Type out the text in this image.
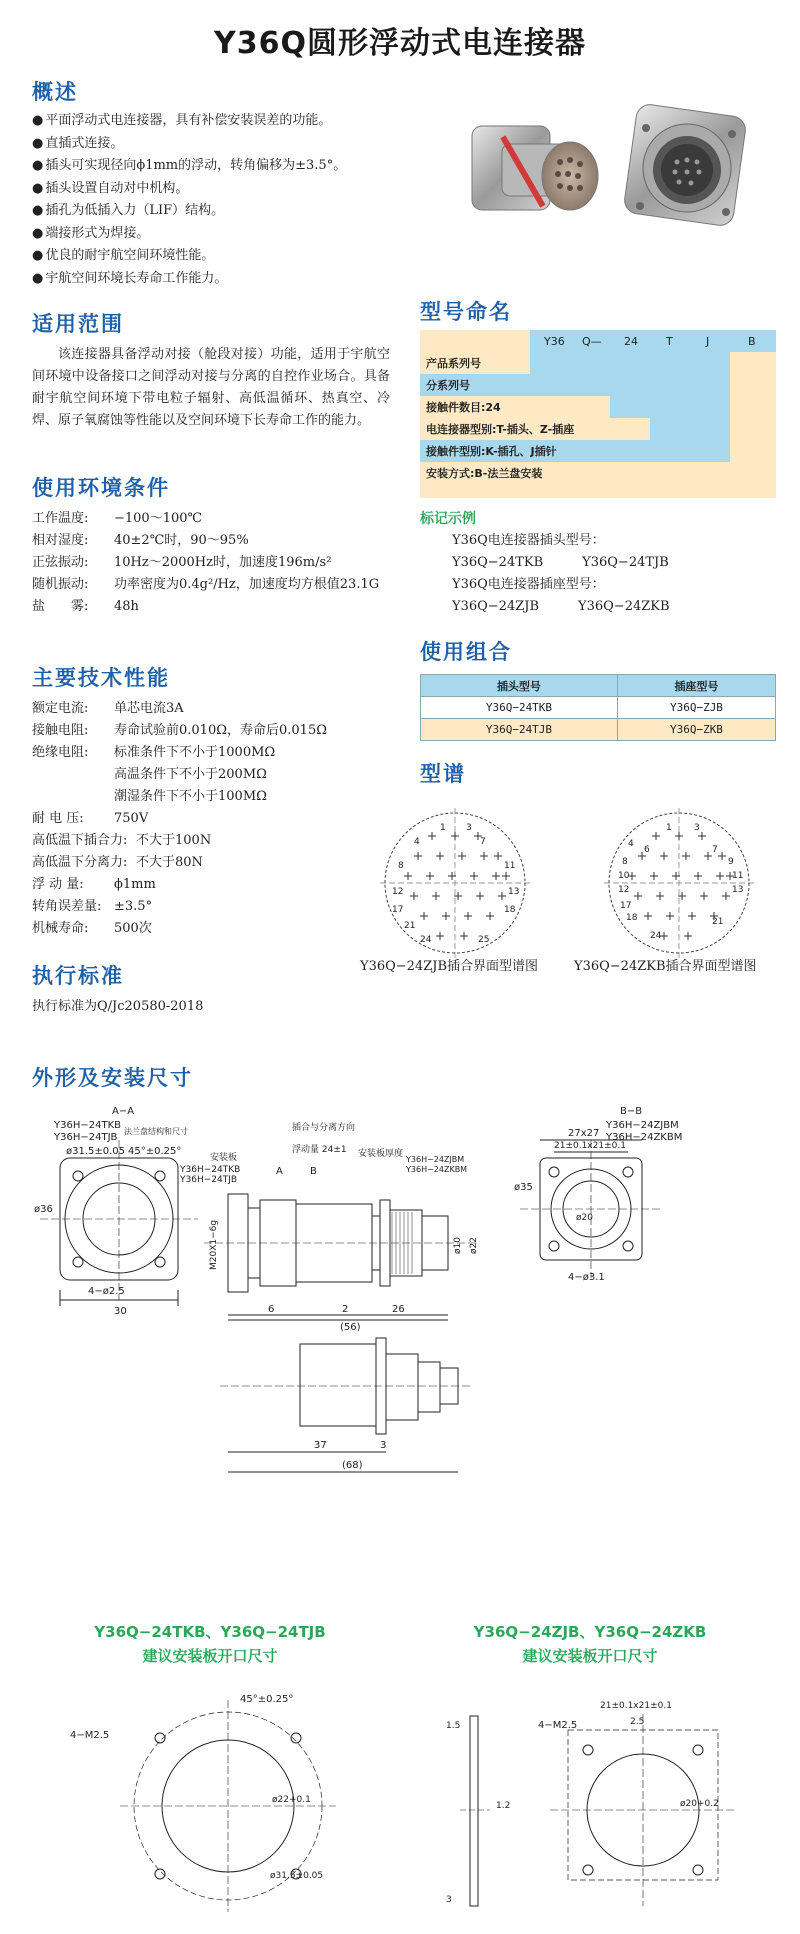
Y36Q圆形浮动式电连接器
概述
● 平面浮动式电连接器，具有补偿安装误差的功能。
● 直插式连接。
● 插头可实现径向ϕ1mm的浮动，转角偏移为±3.5°。
● 插头设置自动对中机构。
● 插孔为低插入力（LIF）结构。
● 端接形式为焊接。
● 优良的耐宇航空间环境性能。
● 宇航空间环境长寿命工作能力。
适用范围
该连接器具备浮动对接（舱段对接）功能，适用于宇航空间环境中设备接口之间浮动对接与分离的自控作业场合。具备耐宇航空间环境下带电粒子辐射、高低温循环、热真空、冷焊、原子氧腐蚀等性能以及空间环境下长寿命工作的能力。
使用环境条件
工作温度:	−100～100℃
相对湿度:	40±2℃时，90～95%
正弦振动:	10Hz～2000Hz时，加速度196m/s²
随机振动:	功率密度为0.4g²/Hz，加速度均方根值23.1G
盐　　雾:	48h
主要技术性能
额定电流:	单芯电流3A
接触电阻:	寿命试验前0.010Ω，寿命后0.015Ω
绝缘电阻:	标准条件下不小于1000MΩ
高温条件下不小于200MΩ
潮湿条件下不小于100MΩ
耐 电 压:	750V
高低温下插合力: 不大于100N
高低温下分离力: 不大于80N
浮 动 量:	ϕ1mm
转角误差量: ±3.5°
机械寿命:	500次
执行标准
执行标准为Q/Jc20580-2018
型号命名
Y36 Q— 24	T	J	B
产品系列号
分系列号
接触件数目:24
电连接器型别:T-插头、Z-插座
接触件型别:K-插孔、J插针
安装方式:B-法兰盘安装
标记示例
Y36Q电连接器插头型号：
Y36Q−24TKB　　　Y36Q−24TJB
Y36Q电连接器插座型号：
Y36Q−24ZJB　　　Y36Q−24ZKB
使用组合
插头型号	插座型号
Y36Q−24TKB	Y36Q−ZJB
Y36Q−24TJB	Y36Q−ZKB
型谱
1 3
4	7
8	11
12
17	18
21
24
13
25
1 3
4
6	7
8	9
10	11
12	13
17
18	21
24
Y36Q−24ZJB插合界面型谱图	Y36Q−24ZKB插合界面型谱图
外形及安装尺寸
A−A
Y36H−24TKB
Y36H−24TJB
法兰盘结构和尺寸
ø31.5±0.05 45°±0.25°
ø36
4−ø2.5
30
安装板
Y36H−24TKB
Y36H−24TJB
插合与分离方向
浮动量 24±1
A	B
安装板厚度
Y36H−24ZJBM
Y36H−24ZKBM
M20X1−6g	ø10 ø22
6	2	26
(56)
37	3
(68)
B−B
Y36H−24ZJBM
Y36H−24ZKBM
27x27
21±0.1x21±0.1
ø35
ø20
4−ø3.1
Y36Q−24TKB、Y36Q−24TJB
建议安装板开口尺寸
Y36Q−24ZJB、Y36Q−24ZKB
建议安装板开口尺寸
4−M2.5
45°±0.25°
ø22+0.1
ø31.5±0.05
4−M2.5
21±0.1x21±0.1
2.5
ø20+0.2
1.5
1.2
3
